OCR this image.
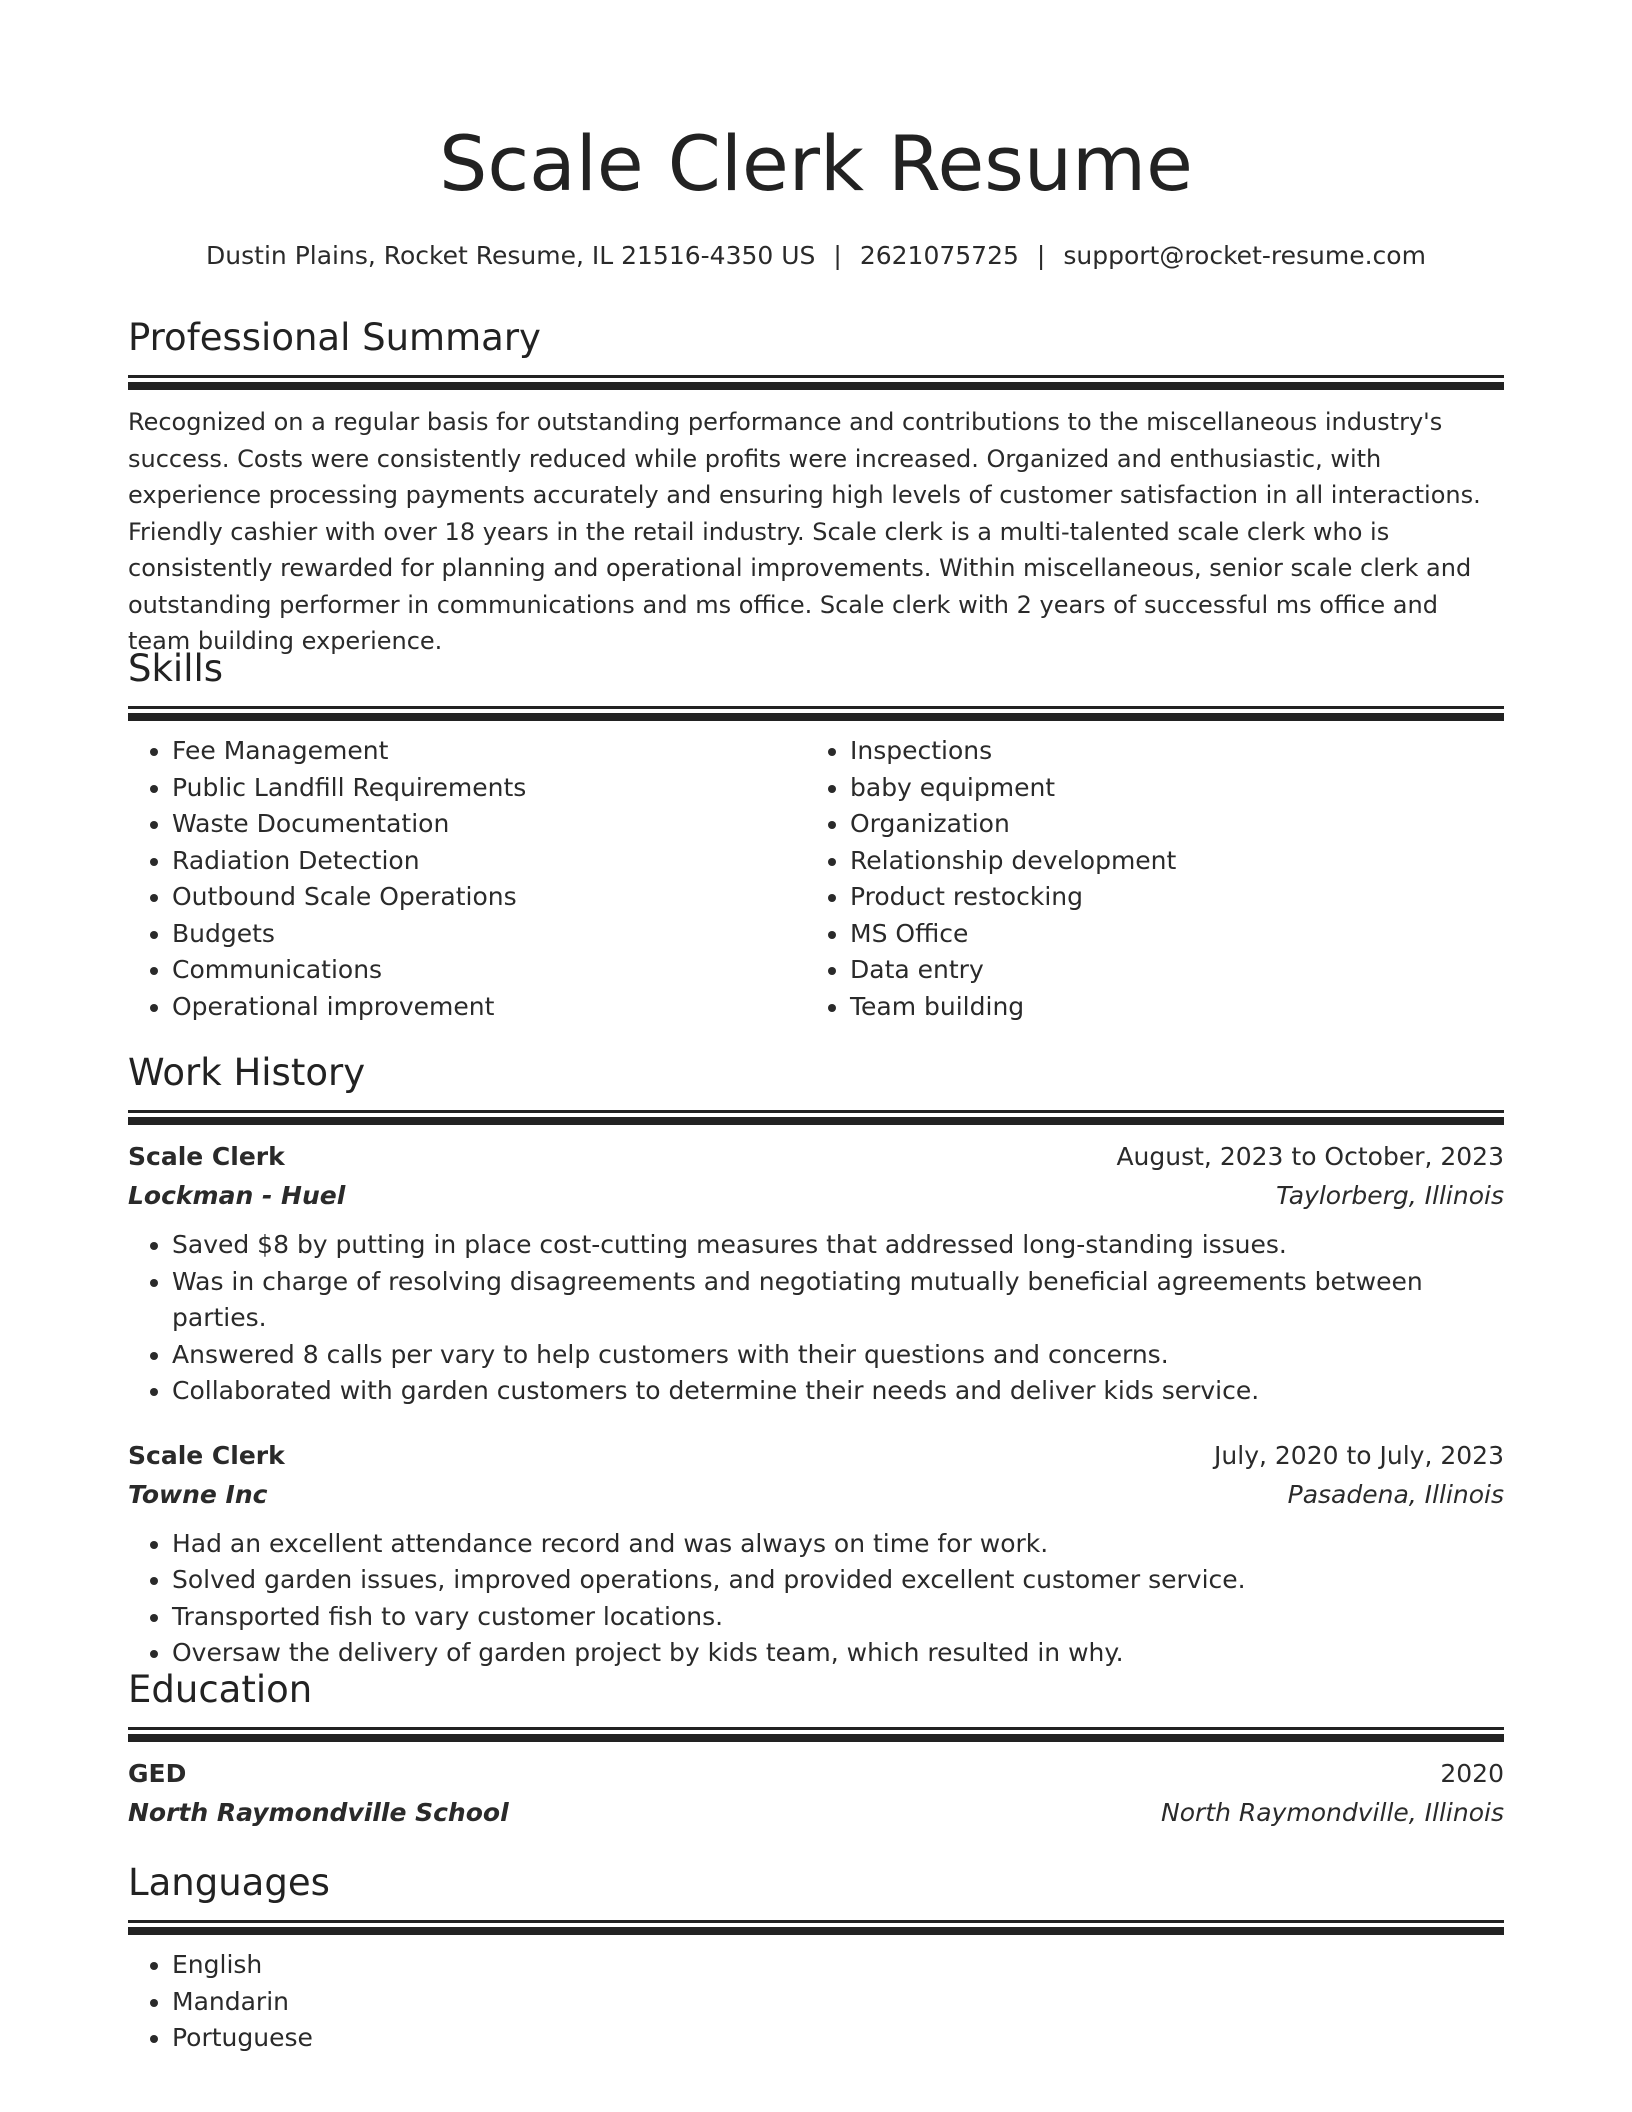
Scale Clerk Resume
Dustin Plains, Rocket Resume, IL 21516-4350 US | 2621075725 | support@rocket-resume.com
Professional Summary

Recognized on a regular basis for outstanding performance and contributions to the miscellaneous industry's success. Costs were consistently reduced while profits were increased. Organized and enthusiastic, with experience processing payments accurately and ensuring high levels of customer satisfaction in all interactions. Friendly cashier with over 18 years in the retail industry. Scale clerk is a multi-talented scale clerk who is consistently rewarded for planning and operational improvements. Within miscellaneous, senior scale clerk and outstanding performer in communications and ms office. Scale clerk with 2 years of successful ms office and team building experience.

Skills
• Fee Management
• Public Landfill Requirements
• Waste Documentation
• Radiation Detection
• Outbound Scale Operations
• Budgets
• Communications
• Operational improvement
• Inspections
• baby equipment
• Organization
• Relationship development
• Product restocking
• MS Office
• Data entry
• Team building
Work History
Scale Clerk	August, 2023 to October, 2023
Lockman - Huel	Taylorberg, Illinois
• Saved $8 by putting in place cost-cutting measures that addressed long-standing issues.
• Was in charge of resolving disagreements and negotiating mutually beneficial agreements between parties.
• Answered 8 calls per vary to help customers with their questions and concerns.
• Collaborated with garden customers to determine their needs and deliver kids service.
Scale Clerk	July, 2020 to July, 2023
Towne Inc	Pasadena, Illinois
• Had an excellent attendance record and was always on time for work.
• Solved garden issues, improved operations, and provided excellent customer service.
• Transported fish to vary customer locations.
• Oversaw the delivery of garden project by kids team, which resulted in why.
Education
GED	2020
North Raymondville School	North Raymondville, Illinois
Languages
• English
• Mandarin
• Portuguese
